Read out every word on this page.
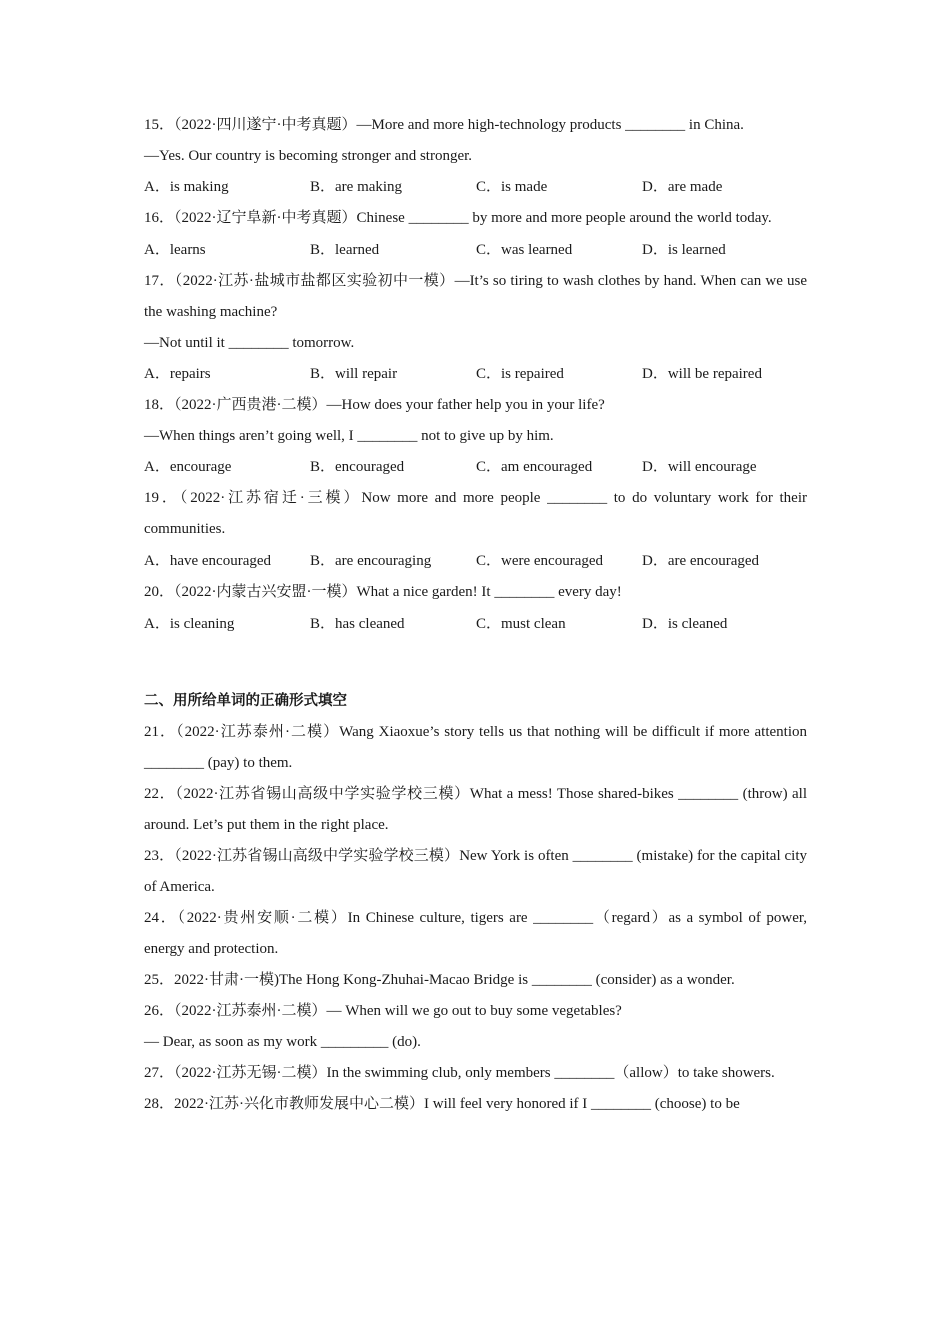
15．（2022·四川遂宁·中考真题）—More and more high-technology products ________ in China.
—Yes. Our country is becoming stronger and stronger.
A．is making	B．are making	C．is made	D．are made
16．（2022·辽宁阜新·中考真题）Chinese ________ by more and more people around the world today.
A．learns	B．learned	C．was learned	D．is learned
17．（2022·江苏·盐城市盐都区实验初中一模）—It’s so tiring to wash clothes by hand. When can we use the washing machine?
—Not until it ________ tomorrow.
A．repairs	B．will repair	C．is repaired	D．will be repaired
18．（2022·广西贵港·二模）—How does your father help you in your life?
—When things aren’t going well, I ________ not to give up by him.
A．encourage	B．encouraged	C．am encouraged	D．will encourage
19．（2022·江苏宿迁·三模）Now more and more people ________ to do voluntary work for their communities.
A．have encouraged	B．are encouraging	C．were encouraged	D．are encouraged
20．（2022·内蒙古兴安盟·一模）What a nice garden! It ________ every day!
A．is cleaning	B．has cleaned	C．must clean	D．is cleaned
二、用所给单词的正确形式填空
21．（2022·江苏泰州·二模）Wang Xiaoxue’s story tells us that nothing will be difficult if more attention ________ (pay) to them.
22．（2022·江苏省锡山高级中学实验学校三模）What a mess! Those shared-bikes ________ (throw) all around. Let’s put them in the right place.
23．（2022·江苏省锡山高级中学实验学校三模）New York is often ________ (mistake) for the capital city of America.
24．（2022·贵州安顺·二模）In Chinese culture, tigers are ________（regard）as a symbol of power, energy and protection.
25．2022·甘肃·一模)The Hong Kong-Zhuhai-Macao Bridge is ________ (consider) as a wonder.
26．（2022·江苏泰州·二模）— When will we go out to buy some vegetables?
— Dear, as soon as my work _________ (do).
27．（2022·江苏无锡·二模）In the swimming club, only members ________（allow）to take showers.
28．2022·江苏·兴化市教师发展中心二模）I will feel very honored if I ________ (choose) to be
